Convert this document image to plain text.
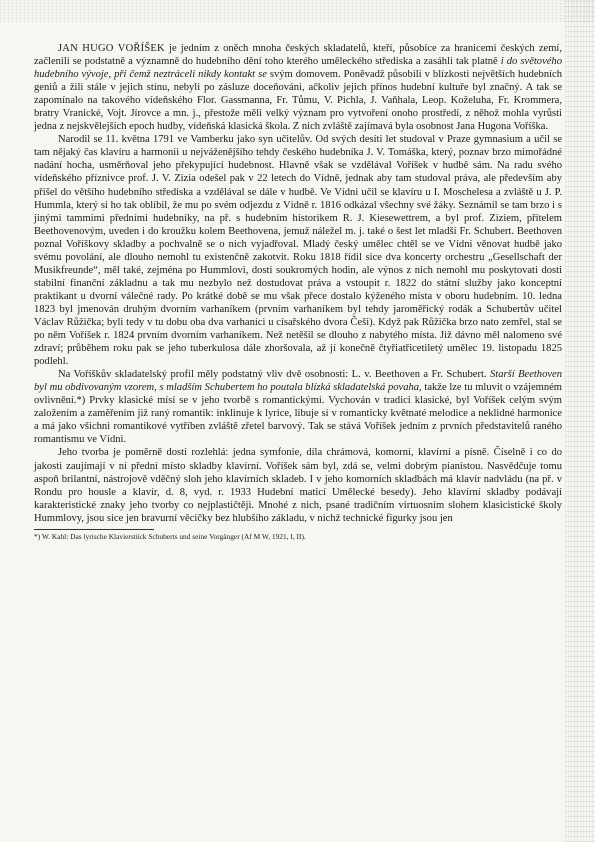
JAN HUGO VOŘÍŠEK je jedním z oněch mnoha českých skladatelů, kteří, působíce za hranicemi českých zemí, začlenili se podstatně a významně do hudebního dění toho kterého uměleckého střediska a zasáhli tak platně i do světového hudebního vývoje, při čemž neztráceli nikdy kontakt se svým domovem. Poněvadž působili v blízkosti největších hudebních geniů a žili stále v jejich stínu, nebyli po zásluze doceňováni, ačkoliv jejich přínos hudební kultuře byl značný. A tak se zapomínalo na takového vídeňského Flor. Gassmanna, Fr. Tůmu, V. Pichla, J. Vaňhala, Leop. Koželuha, Fr. Krommera, bratry Vranické, Vojt. Jírovce a mn. j., přestože měli velký význam pro vytvoření onoho prostředí, z něhož mohla vyrůsti jedna z nejskvělejších epoch hudby, vídeňská klasická škola. Z nich zvláště zajímavá byla osobnost Jana Hugona Voříška.

Narodil se 11. května 1791 ve Vamberku jako syn učitelův. Od svých desíti let studoval v Praze gymnasium a učil se tam nějaký čas klavíru a harmonii u nejváženějšího tehdy českého hudebníka J. V. Tomáška, který, poznav brzo mimořádné nadání hocha, usměrňoval jeho překypující hudebnost. Hlavně však se vzdělával Voříšek v hudbě sám. Na radu svého vídeňského příznivce prof. J. V. Zizia odešel pak v 22 letech do Vídně, jednak aby tam studoval práva, ale především aby přišel do většího hudebního střediska a vzdělával se dále v hudbě. Ve Vídni učil se klavíru u I. Moschelesa a zvláště u J. P. Hummla, který si ho tak oblíbil, že mu po svém odjezdu z Vídně r. 1816 odkázal všechny své žáky. Seznámil se tam brzo i s jinými tammími předními hudebníky, na př. s hudebním historikem R. J. Kiesewettrem, a byl prof. Ziziem, přítelem Beethovenovým, uveden i do kroužku kolem Beethovena, jemuž náležel m. j. také o šest let mladší Fr. Schubert. Beethoven poznal Voříškovy skladby a pochvalně se o nich vyjadřoval. Mladý český umělec chtěl se ve Vídni věnovat hudbě jako svému povolání, ale dlouho nemohl tu existenčně zakotvit. Roku 1818 řídil sice dva koncerty orchestru „Gesellschaft der Musikfreunde“, měl také, zejména po Hummlovi, dosti soukromých hodin, ale výnos z nich nemohl mu poskytovati dosti stabilní finanční základnu a tak mu nezbylo než dostudovat práva a vstoupit r. 1822 do státní služby jako konceptní praktikant u dvorní válečné rady. Po krátké době se mu však přece dostalo kýženého místa v oboru hudebním. 10. ledna 1823 byl jmenován druhým dvorním varhaníkem (prvním varhaníkem byl tehdy jaroměřický rodák a Schubertův učitel Václav Růžička; byli tedy v tu dobu oba dva varhaníci u císařského dvora Češi). Když pak Růžička brzo nato zemřel, stal se po něm Voříšek r. 1824 prvním dvorním varhaníkem. Než netěšil se dlouho z nabytého místa. Již dávno měl nalomeno své zdraví; průběhem roku pak se jeho tuberkulosa dále zhoršovala, až jí konečně čtyřiatřicetiletý umělec 19. listopadu 1825 podlehl.

Na Voříškův skladatelský profil měly podstatný vliv dvě osobnosti: L. v. Beethoven a Fr. Schubert. Starší Beethoven byl mu obdivovaným vzorem, s mladším Schubertem ho poutala blízká skladatelská povaha, takže lze tu mluvit o vzájemném ovlivnění.*) Prvky klasické mísí se v jeho tvorbě s romantickými. Vychován v tradici klasické, byl Voříšek celým svým založením a zaměřením již raný romantik: inklinuje k lyrice, libuje si v romanticky květnaté melodice a neklidné harmonice a má jako všichni romantikové vytříben zvláště zřetel barvový. Tak se stává Voříšek jedním z prvních představitelů raného romantismu ve Vídni.

Jeho tvorba je poměrně dosti rozlehlá: jedna symfonie, díla chrámová, komorní, klavírní a písně. Číselně i co do jakosti zaujímají v ní přední místo skladby klavírní. Voříšek sám byl, zdá se, velmi dobrým pianistou. Nasvědčuje tomu aspoň brilantní, nástrojově vděčný sloh jeho klavírních skladeb. I v jeho komorních skladbách má klavír nadvládu (na př. v Rondu pro housle a klavír, d. 8, vyd. r. 1933 Hudební maticí Umělecké besedy). Jeho klavírní skladby podávají karakteristické znaky jeho tvorby co nejplastičtěji. Mnohé z nich, psané tradičním virtuosním slohem klasicistické školy Hummlovy, jsou sice jen bravurní věcičky bez hlubšího základu, v nichž technické figurky jsou jen

*) W. Kahl: Das lyrische Klavierstück Schuberts und seine Vorgänger (Af M W, 1921, I, II).
